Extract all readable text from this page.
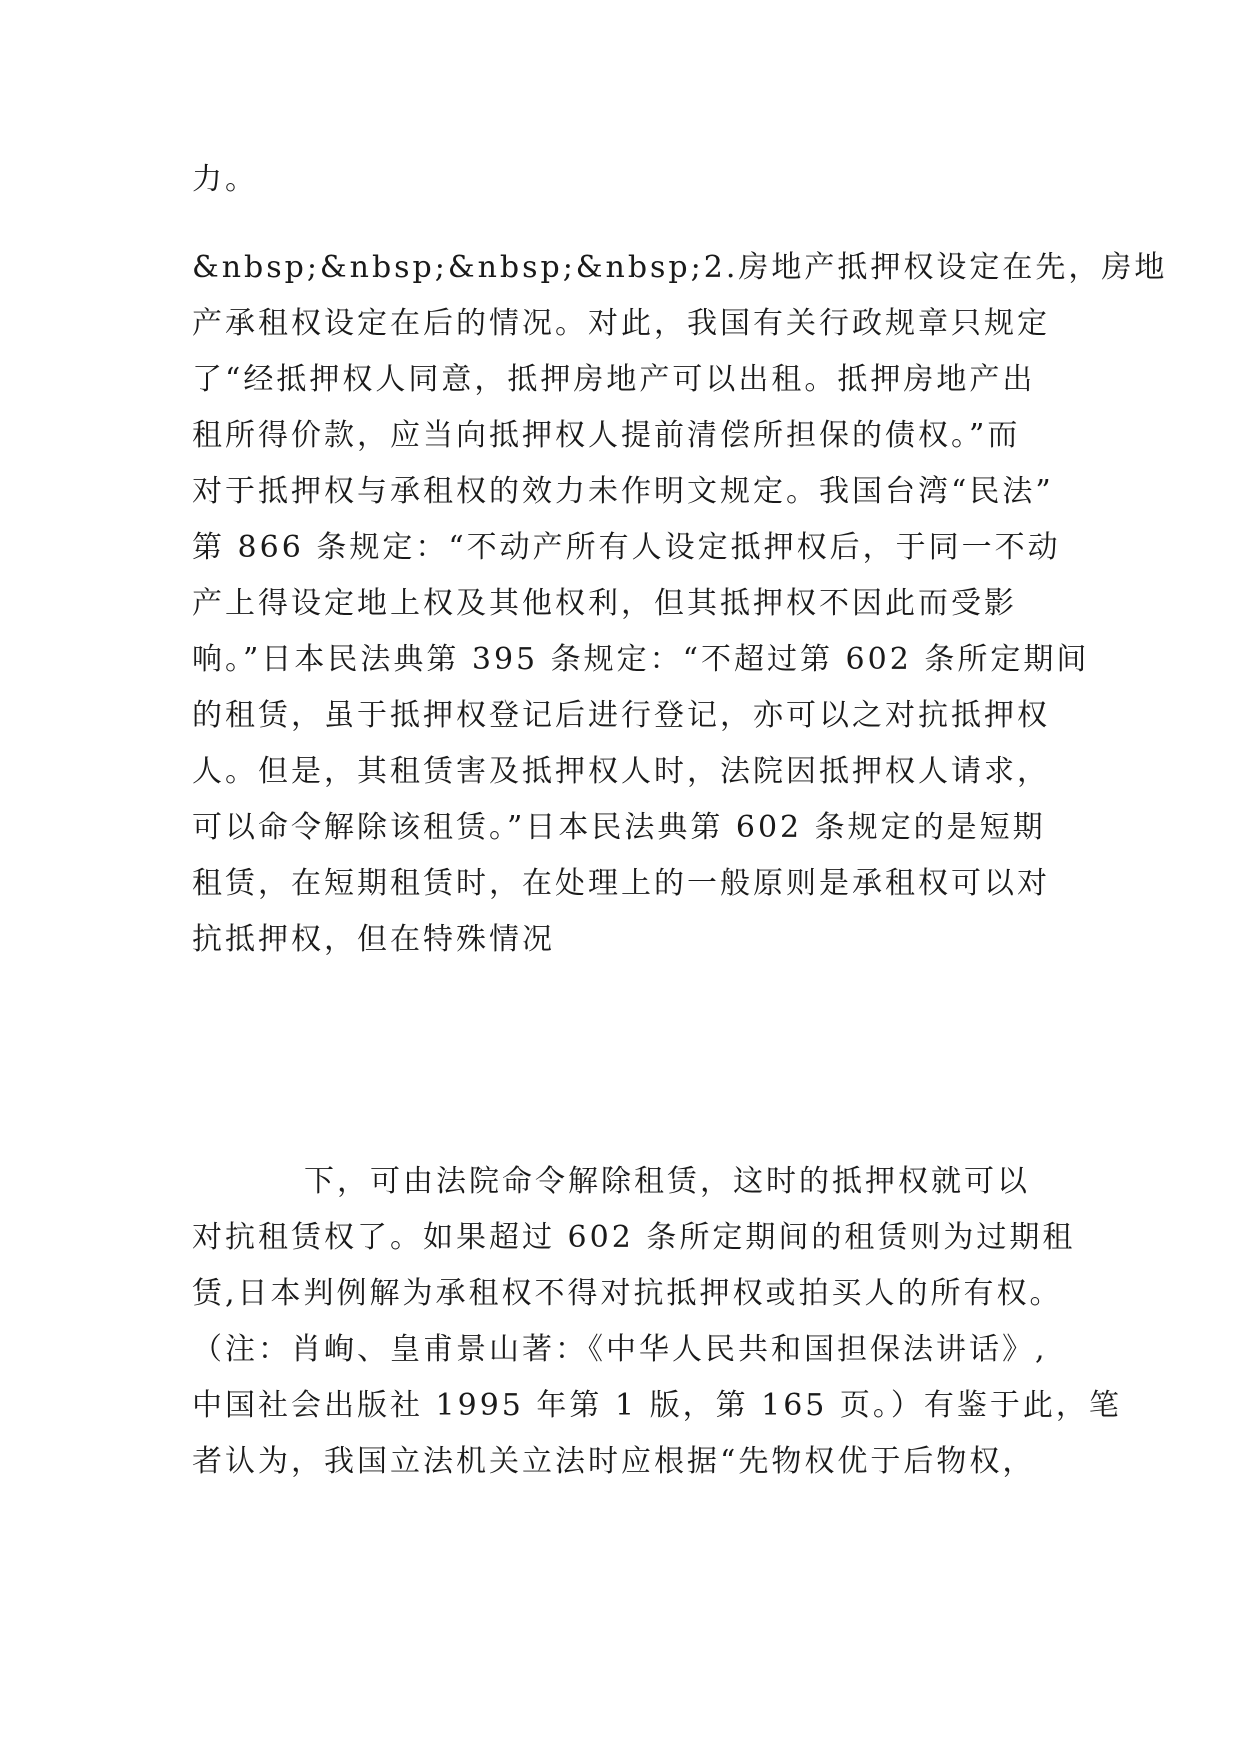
力。
&nbsp;&nbsp;&nbsp;&nbsp;2.房地产抵押权设定在先，房地
产承租权设定在后的情况。对此，我国有关行政规章只规定
了“经抵押权人同意，抵押房地产可以出租。抵押房地产出
租所得价款，应当向抵押权人提前清偿所担保的债权。”而
对于抵押权与承租权的效力未作明文规定。我国台湾“民法”
第 866 条规定：“不动产所有人设定抵押权后，于同一不动
产上得设定地上权及其他权利，但其抵押权不因此而受影
响。”日本民法典第 395 条规定：“不超过第 602 条所定期间
的租赁，虽于抵押权登记后进行登记，亦可以之对抗抵押权
人。但是，其租赁害及抵押权人时，法院因抵押权人请求，
可以命令解除该租赁。”日本民法典第 602 条规定的是短期
租赁，在短期租赁时，在处理上的一般原则是承租权可以对
抗抵押权，但在特殊情况
下，可由法院命令解除租赁，这时的抵押权就可以
对抗租赁权了。如果超过 602 条所定期间的租赁则为过期租
赁,日本判例解为承租权不得对抗抵押权或拍买人的所有权。
（注：肖峋、皇甫景山著：《中华人民共和国担保法讲话》,
中国社会出版社 1995 年第 1 版，第 165 页。）有鉴于此，笔
者认为，我国立法机关立法时应根据“先物权优于后物权，
